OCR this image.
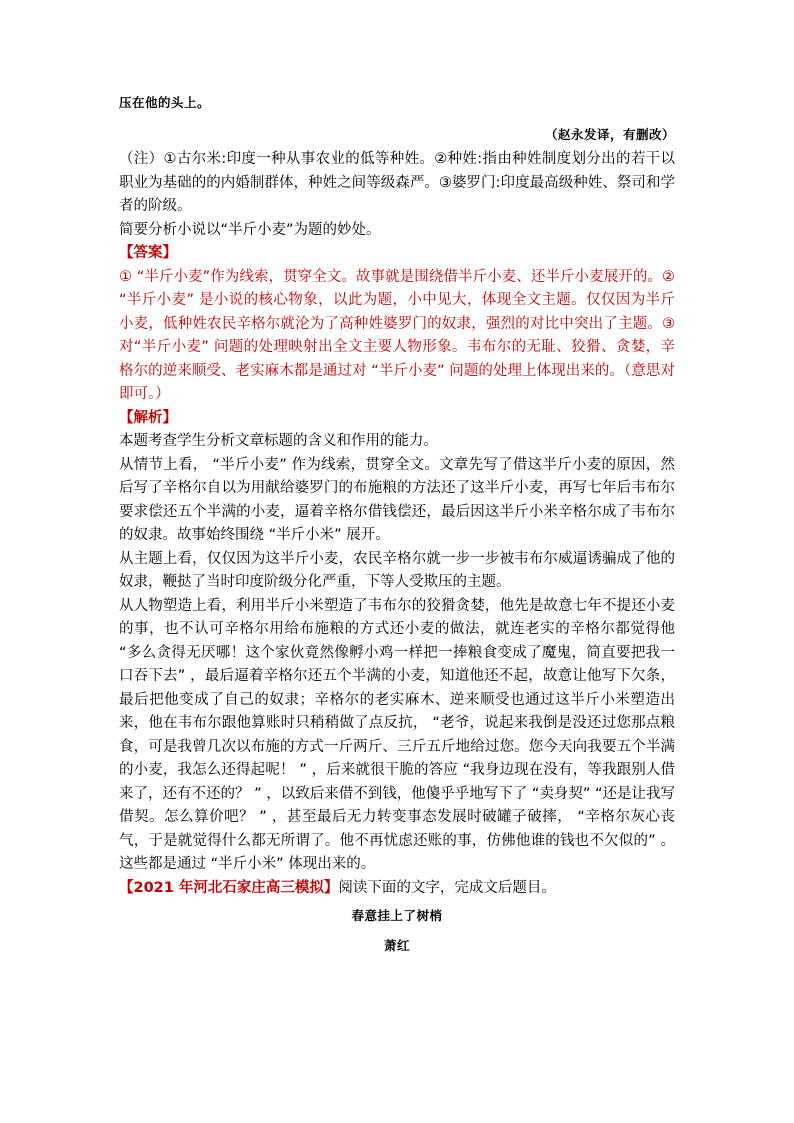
压在他的头上。

（赵永发译，有删改）

（注）①古尔米:印度一种从事农业的低等种姓。②种姓:指由种姓制度划分出的若干以职业为基础的的内婚制群体，种姓之间等级森严。③婆罗门:印度最高级种姓、祭司和学者的阶级。

简要分析小说以“半斤小麦”为题的妙处。

【答案】

① “半斤小麦”作为线索，贯穿全文。故事就是围绕借半斤小麦、还半斤小麦展开的。② “半斤小麦” 是小说的核心物象，以此为题，小中见大，体现全文主题。仅仅因为半斤小麦，低种姓农民辛格尔就沦为了高种姓婆罗门的奴隶，强烈的对比中突出了主题。③对“半斤小麦” 问题的处理映射出全文主要人物形象。韦布尔的无耻、狡猾、贪婪，辛格尔的逆来顺受、老实麻木都是通过对 “半斤小麦” 问题的处理上体现出来的。（意思对即可。）

【解析】

本题考查学生分析文章标题的含义和作用的能力。

从情节上看， “半斤小麦” 作为线索，贯穿全文。文章先写了借这半斤小麦的原因，然后写了辛格尔自以为用献给婆罗门的布施粮的方法还了这半斤小麦，再写七年后韦布尔要求偿还五个半满的小麦，逼着辛格尔借钱偿还，最后因这半斤小米辛格尔成了韦布尔的奴隶。故事始终围绕 “半斤小米” 展开。

从主题上看，仅仅因为这半斤小麦，农民辛格尔就一步一步被韦布尔威逼诱骗成了他的奴隶，鞭挞了当时印度阶级分化严重，下等人受欺压的主题。

从人物塑造上看，利用半斤小米塑造了韦布尔的狡猾贪婪，他先是故意七年不提还小麦的事，也不认可辛格尔用给布施粮的方式还小麦的做法，就连老实的辛格尔都觉得他 “多么贪得无厌哪！这个家伙竟然像孵小鸡一样把一捧粮食变成了魔鬼，简直要把我一口吞下去” ，最后逼着辛格尔还五个半满的小麦，知道他还不起，故意让他写下欠条，最后把他变成了自己的奴隶；辛格尔的老实麻木、逆来顺受也通过这半斤小米塑造出来，他在韦布尔跟他算账时只稍稍做了点反抗， “老爷，说起来我倒是没还过您那点粮食，可是我曾几次以布施的方式一斤两斤、三斤五斤地给过您。您今天向我要五个半满的小麦，我怎么还得起呢！ ” ，后来就很干脆的答应 “我身边现在没有，等我跟别人借来了，还有不还的？ ” ，以致后来借不到钱，他傻乎乎地写下了 “卖身契” “还是让我写借契。怎么算价吧？ ” ，甚至最后无力转变事态发展时破罐子破摔， “辛格尔灰心丧气，于是就觉得什么都无所谓了。他不再忧虑还账的事，仿佛他谁的钱也不欠似的” 。这些都是通过 “半斤小米” 体现出来的。

【2021 年河北石家庄高三模拟】阅读下面的文字，完成文后题目。

春意挂上了树梢

萧红
